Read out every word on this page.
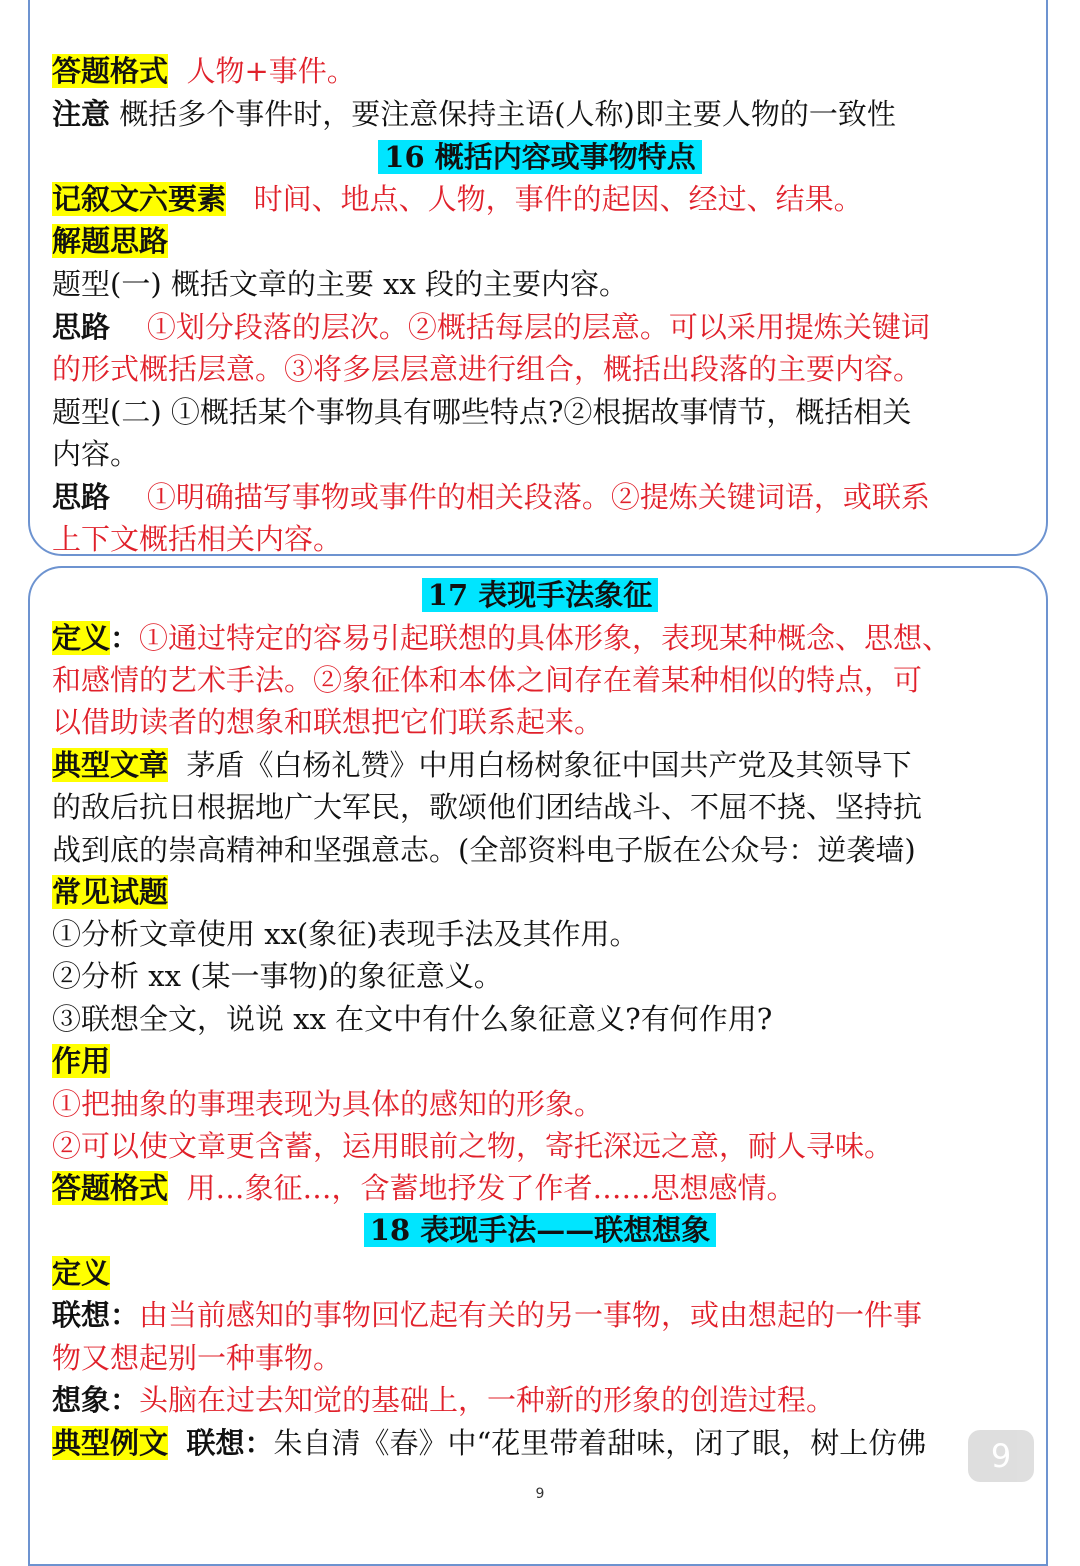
答题格式 人物+事件。
注意 概括多个事件时，要注意保持主语(人称)即主要人物的一致性
16 概括内容或事物特点
记叙文六要素 时间、地点、人物，事件的起因、经过、结果。
解题思路
题型(一) 概括文章的主要 xx 段的主要内容。
思路 ①划分段落的层次。②概括每层的层意。可以采用提炼关键词
的形式概括层意。③将多层层意进行组合，概括出段落的主要内容。
题型(二) ①概括某个事物具有哪些特点?②根据故事情节，概括相关
内容。
思路 ①明确描写事物或事件的相关段落。②提炼关键词语，或联系
上下文概括相关内容。
17 表现手法象征
定义：①通过特定的容易引起联想的具体形象，表现某种概念、思想、
和感情的艺术手法。②象征体和本体之间存在着某种相似的特点，可
以借助读者的想象和联想把它们联系起来。
典型文章 茅盾《白杨礼赞》中用白杨树象征中国共产党及其领导下
的敌后抗日根据地广大军民，歌颂他们团结战斗、不屈不挠、坚持抗
战到底的崇高精神和坚强意志。(全部资料电子版在公众号：逆袭墙)
常见试题
①分析文章使用 xx(象征)表现手法及其作用。
②分析 xx (某一事物)的象征意义。
③联想全文，说说 xx 在文中有什么象征意义?有何作用?
作用
①把抽象的事理表现为具体的感知的形象。
②可以使文章更含蓄，运用眼前之物，寄托深远之意，耐人寻味。
答题格式 用…象征…，含蓄地抒发了作者……思想感情。
18 表现手法——联想想象
定义
联想：由当前感知的事物回忆起有关的另一事物，或由想起的一件事
物又想起别一种事物。
想象：头脑在过去知觉的基础上，一种新的形象的创造过程。
典型例文 联想：朱自清《春》中“花里带着甜味，闭了眼，树上仿佛	9
9
